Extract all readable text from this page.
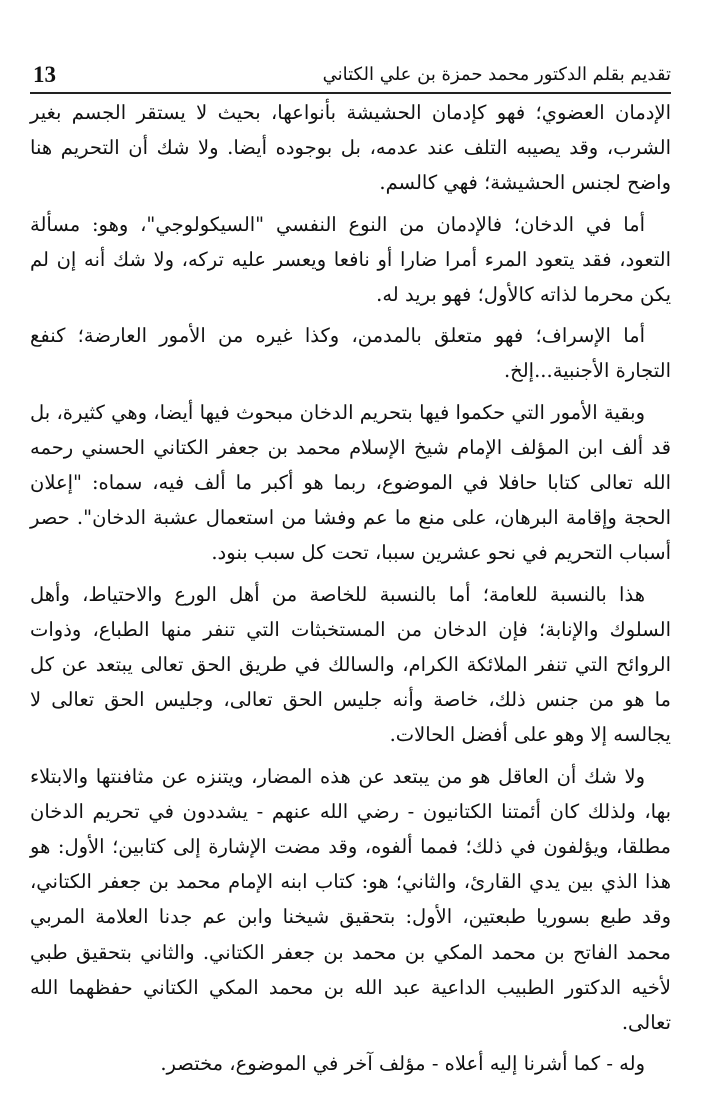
13	تقديم بقلم الدكتور محمد حمزة بن علي الكتاني

الإدمان العضوي؛ فهو كإدمان الحشيشة بأنواعها، بحيث لا يستقر الجسم بغير الشرب، وقد يصيبه التلف عند عدمه، بل بوجوده أيضا. ولا شك أن التحريم هنا واضح لجنس الحشيشة؛ فهي كالسم.

أما في الدخان؛ فالإدمان من النوع النفسي "السيكولوجي"، وهو: مسألة التعود، فقد يتعود المرء أمرا ضارا أو نافعا ويعسر عليه تركه، ولا شك أنه إن لم يكن محرما لذاته كالأول؛ فهو بريد له.

أما الإسراف؛ فهو متعلق بالمدمن، وكذا غيره من الأمور العارضة؛ كنفع التجارة الأجنبية...إلخ.

وبقية الأمور التي حكموا فيها بتحريم الدخان مبحوث فيها أيضا، وهي كثيرة، بل قد ألف ابن المؤلف الإمام شيخ الإسلام محمد بن جعفر الكتاني الحسني رحمه الله تعالى كتابا حافلا في الموضوع، ربما هو أكبر ما ألف فيه، سماه: "إعلان الحجة وإقامة البرهان، على منع ما عم وفشا من استعمال عشبة الدخان". حصر أسباب التحريم في نحو عشرين سببا، تحت كل سبب بنود.

هذا بالنسبة للعامة؛ أما بالنسبة للخاصة من أهل الورع والاحتياط، وأهل السلوك والإنابة؛ فإن الدخان من المستخبثات التي تنفر منها الطباع، وذوات الروائح التي تنفر الملائكة الكرام، والسالك في طريق الحق تعالى يبتعد عن كل ما هو من جنس ذلك، خاصة وأنه جليس الحق تعالى، وجليس الحق تعالى لا يجالسه إلا وهو على أفضل الحالات.

ولا شك أن العاقل هو من يبتعد عن هذه المضار، ويتنزه عن مثافنتها والابتلاء بها، ولذلك كان أئمتنا الكتانيون - رضي الله عنهم - يشددون في تحريم الدخان مطلقا، ويؤلفون في ذلك؛ فمما ألفوه، وقد مضت الإشارة إلى كتابين؛ الأول: هو هذا الذي بين يدي القارئ، والثاني؛ هو: كتاب ابنه الإمام محمد بن جعفر الكتاني، وقد طبع بسوريا طبعتين، الأول: بتحقيق شيخنا وابن عم جدنا العلامة المربي محمد الفاتح بن محمد المكي بن محمد بن جعفر الكتاني. والثاني بتحقيق طبي لأخيه الدكتور الطبيب الداعية عبد الله بن محمد المكي الكتاني حفظهما الله تعالى.

وله - كما أشرنا إليه أعلاه - مؤلف آخر في الموضوع، مختصر.
